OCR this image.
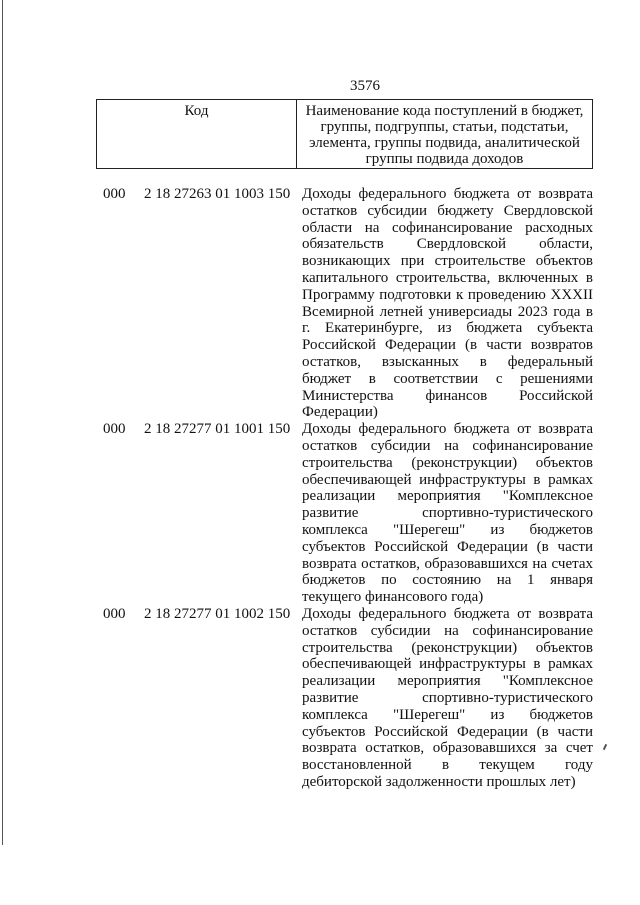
3576
Код	Наименование кода поступлений в бюджет, группы, подгруппы, статьи, подстатьи, элемента, группы подвида, аналитической группы подвида доходов
000	2 18 27263 01 1003 150 Доходы федерального бюджета от возврата остатков субсидии бюджету Свердловской области на софинансирование расходных обязательств Свердловской области, возникающих при строительстве объектов капитального строительства, включенных в Программу подготовки к проведению XXXII Всемирной летней универсиады 2023 года в г. Екатеринбурге, из бюджета субъекта Российской Федерации (в части возвратов остатков, взысканных в федеральный бюджет в соответствии с решениями Министерства финансов Российской Федерации)
000	2 18 27277 01 1001 150 Доходы федерального бюджета от возврата остатков субсидии на софинансирование строительства (реконструкции) объектов обеспечивающей инфраструктуры в рамках реализации мероприятия "Комплексное развитие спортивно-туристического комплекса "Шерегеш" из бюджетов субъектов Российской Федерации (в части возврата остатков, образовавшихся на счетах бюджетов по состоянию на 1 января текущего финансового года)
000	2 18 27277 01 1002 150 Доходы федерального бюджета от возврата остатков субсидии на софинансирование строительства (реконструкции) объектов обеспечивающей инфраструктуры в рамках реализации мероприятия "Комплексное развитие спортивно-туристического комплекса "Шерегеш" из бюджетов субъектов Российской Федерации (в части возврата остатков, образовавшихся за счет восстановленной в текущем году дебиторской задолженности прошлых лет)
